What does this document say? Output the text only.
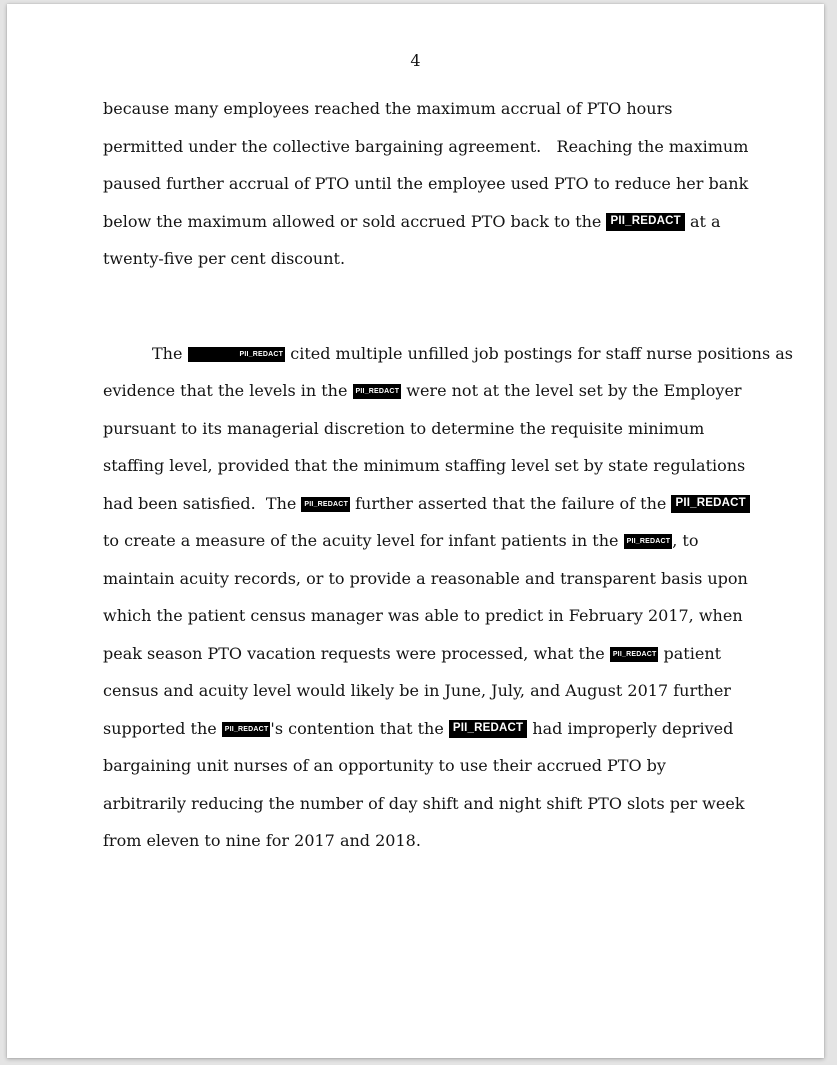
4
because many employees reached the maximum accrual of PTO hours
permitted under the collective bargaining agreement.   Reaching the maximum
paused further accrual of PTO until the employee used PTO to reduce her bank
below the maximum allowed or sold accrued PTO back to the PII_REDACT at a
twenty-five per cent discount.
The	PII_REDACT cited multiple unfilled job postings for staff nurse positions as
evidence that the levels in the PII_REDACT were not at the level set by the Employer
pursuant to its managerial discretion to determine the requisite minimum
staffing level, provided that the minimum staffing level set by state regulations
had been satisfied.  The PII_REDACT further asserted that the failure of the PII_REDACT
to create a measure of the acuity level for infant patients in the PII_REDACT , to
maintain acuity records, or to provide a reasonable and transparent basis upon
which the patient census manager was able to predict in February 2017, when
peak season PTO vacation requests were processed, what the PII_REDACT patient
census and acuity level would likely be in June, July, and August 2017 further
supported the PII_REDACT 's contention that the PII_REDACT had improperly deprived
bargaining unit nurses of an opportunity to use their accrued PTO by
arbitrarily reducing the number of day shift and night shift PTO slots per week
from eleven to nine for 2017 and 2018.
